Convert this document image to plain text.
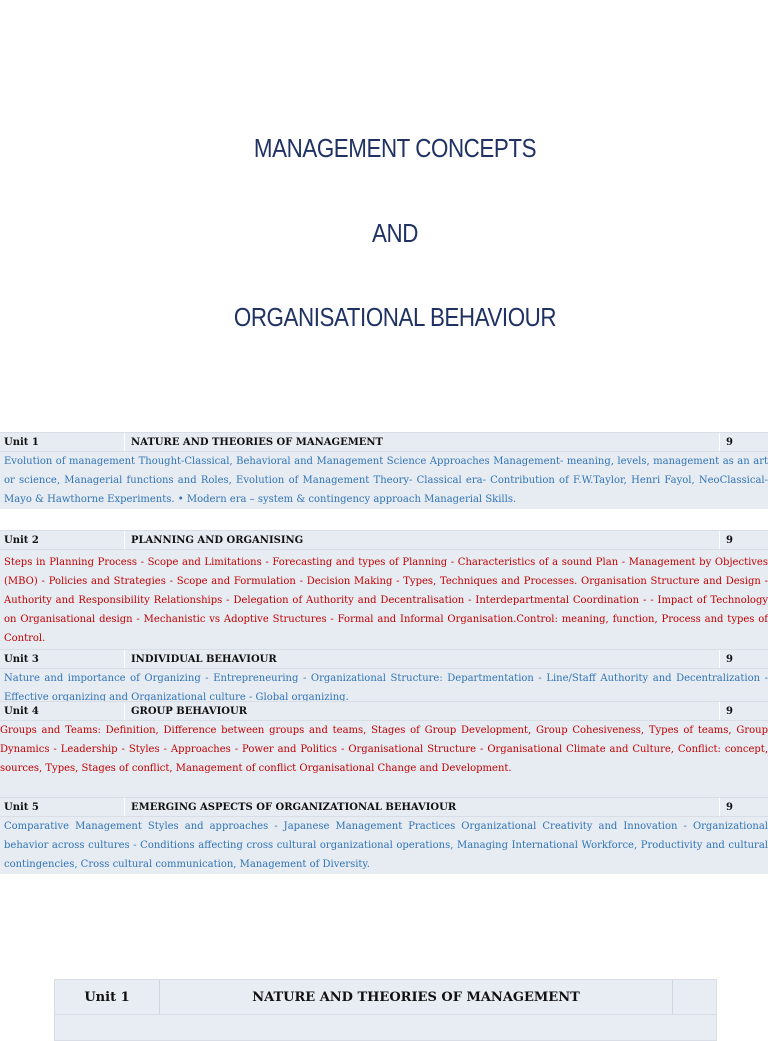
MANAGEMENT CONCEPTS
AND
ORGANISATIONAL BEHAVIOUR
Unit 1	NATURE AND THEORIES OF MANAGEMENT	9
Evolution of management Thought-Classical, Behavioral and Management Science Approaches Management- meaning, levels, management as an art or science, Managerial functions and Roles, Evolution of Management Theory- Classical era- Contribution of F.W.Taylor, Henri Fayol, NeoClassical-Mayo & Hawthorne Experiments. • Modern era – system & contingency approach Managerial Skills.
Unit 2	PLANNING AND ORGANISING	9
Steps in Planning Process - Scope and Limitations - Forecasting and types of Planning - Characteristics of a sound Plan - Management by Objectives (MBO) - Policies and Strategies - Scope and Formulation - Decision Making - Types, Techniques and Processes. Organisation Structure and Design - Authority and Responsibility Relationships - Delegation of Authority and Decentralisation - Interdepartmental Coordination - - Impact of Technology on Organisational design - Mechanistic vs Adoptive Structures - Formal and Informal Organisation.Control: meaning, function, Process and types of Control.
Unit 3	INDIVIDUAL BEHAVIOUR	9
Nature and importance of Organizing - Entrepreneuring - Organizational Structure: Departmentation - Line/Staff Authority and Decentralization - Effective organizing and Organizational culture - Global organizing.
Unit 4	GROUP BEHAVIOUR	9
Groups and Teams: Definition, Difference between groups and teams, Stages of Group Development, Group Cohesiveness, Types of teams, Group Dynamics - Leadership - Styles - Approaches - Power and Politics - Organisational Structure - Organisational Climate and Culture, Conflict: concept, sources, Types, Stages of conflict, Management of conflict Organisational Change and Development.
Unit 5	EMERGING ASPECTS OF ORGANIZATIONAL BEHAVIOUR	9
Comparative Management Styles and approaches - Japanese Management Practices Organizational Creativity and Innovation - Organizational behavior across cultures - Conditions affecting cross cultural organizational operations, Managing International Workforce, Productivity and cultural contingencies, Cross cultural communication, Management of Diversity.
Unit 1	NATURE AND THEORIES OF MANAGEMENT
